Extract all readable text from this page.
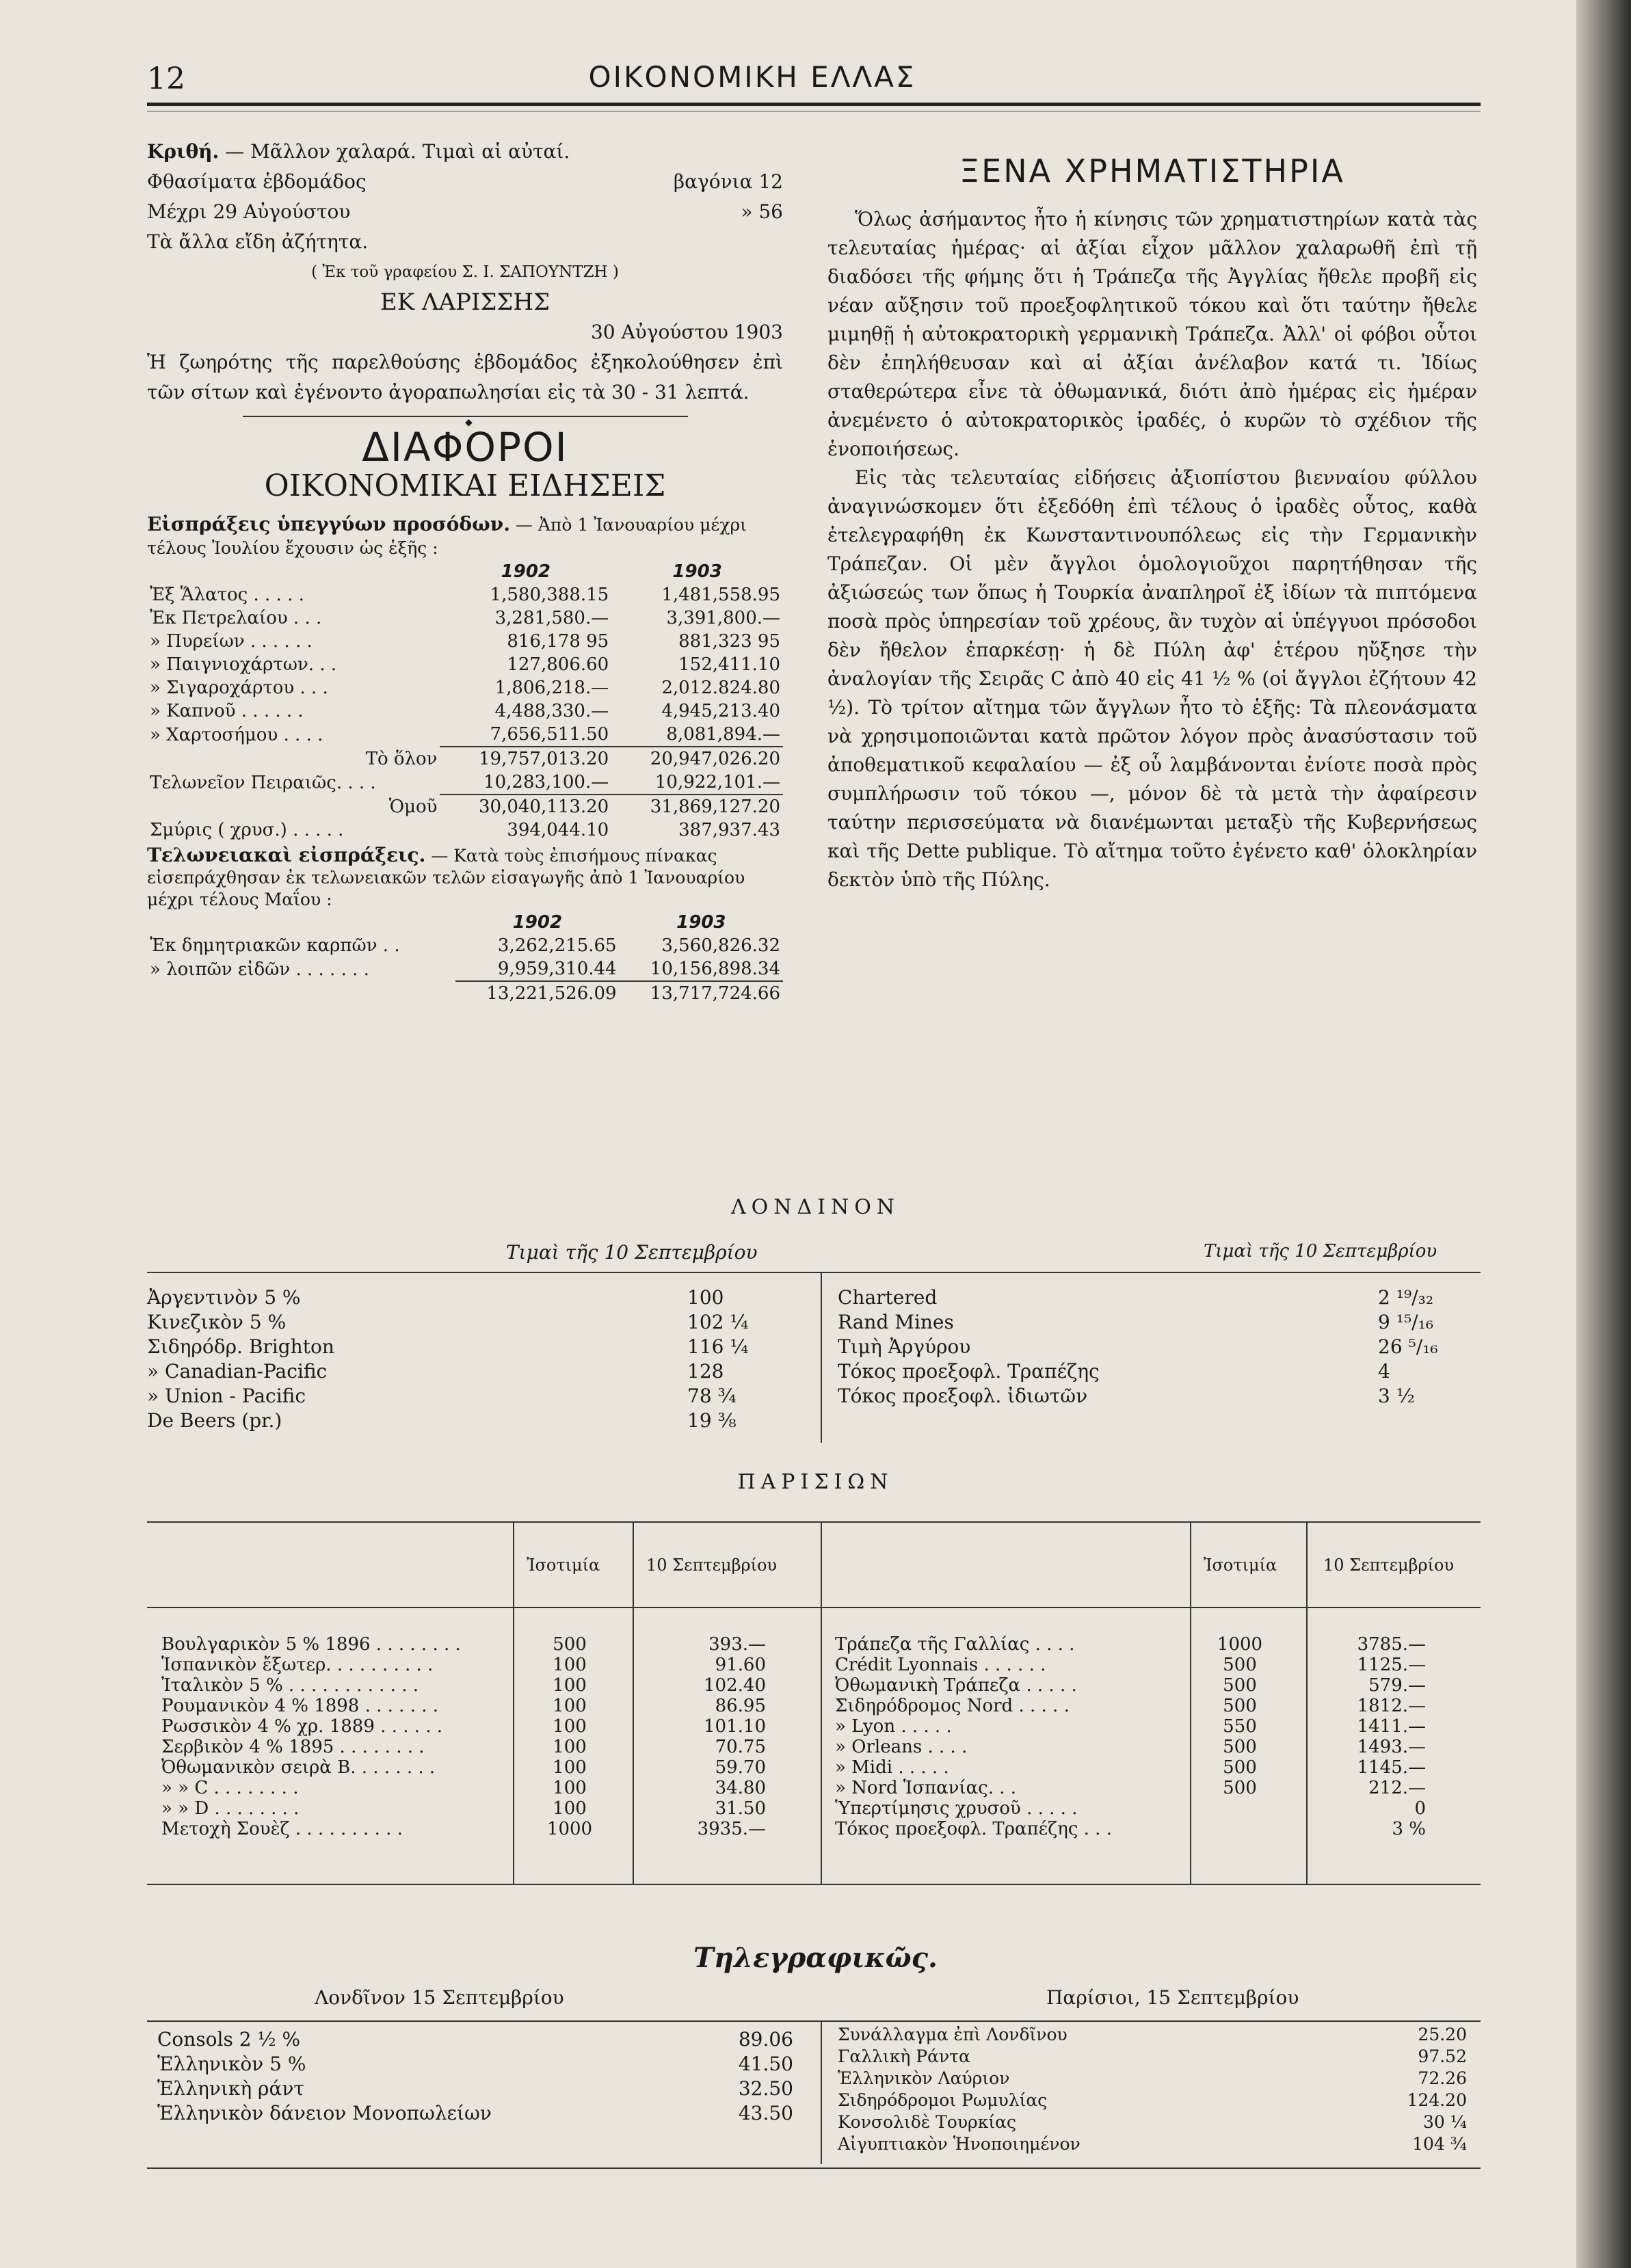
12	ΟΙΚΟΝΟΜΙΚΗ ΕΛΛΑΣ
Κριθή. — Μᾶλλον χαλαρά. Τιμαὶ αἱ αὐταί.
Φθασίματα ἑβδομάδος	βαγόνια 12
Μέχρι 29 Αὐγούστου	» 56
Τὰ ἄλλα εἴδη ἀζήτητα.
( Ἐκ τοῦ γραφείου Σ. Ι. ΣΑΠΟΥΝΤΖΗ )
ΕΚ ΛΑΡΙΣΣΗΣ
30 Αὐγούστου 1903
Ἡ ζωηρότης τῆς παρελθούσης ἑβδομάδος ἐξηκολούθησεν ἐπὶ τῶν σίτων καὶ ἐγένοντο ἀγοραπωλησίαι εἰς τὰ 30 - 31 λεπτά.
◆
ΔΙΑΦΟΡΟΙ
ΟΙΚΟΝΟΜΙΚΑΙ ΕΙΔΗΣΕΙΣ
Εἰσπράξεις ὑπεγγύων προσόδων. — Ἀπὸ 1 Ἰανουαρίου μέχρι τέλους Ἰουλίου ἔχουσιν ὡς ἑξῆς :
	1902	1903
Ἐξ Ἅλατος . . . . .	1,580,388.15	1,481,558.95
Ἐκ Πετρελαίου . . .	3,281,580.—	3,391,800.—
» Πυρείων . . . . . .	816,178 95	881,323 95
» Παιγνιοχάρτων. . .	127,806.60	152,411.10
» Σιγαροχάρτου . . .	1,806,218.—	2,012.824.80
» Καπνοῦ . . . . . .	4,488,330.—	4,945,213.40
» Χαρτοσήμου . . . .	7,656,511.50	8,081,894.—
Τὸ ὅλον	19,757,013.20	20,947,026.20
Τελωνεῖον Πειραιῶς. . . .	10,283,100.—	10,922,101.—
Ὁμοῦ	30,040,113.20	31,869,127.20
Σμύρις ( χρυσ.) . . . . .	394,044.10	387,937.43
Τελωνειακαὶ εἰσπράξεις. — Κατὰ τοὺς ἐπισήμους πίνακας εἰσεπράχθησαν ἐκ τελωνειακῶν τελῶν εἰσαγωγῆς ἀπὸ 1 Ἰανουαρίου μέχρι τέλους Μαΐου :
	1902	1903
Ἐκ δημητριακῶν καρπῶν . .	3,262,215.65	3,560,826.32
» λοιπῶν εἰδῶν . . . . . . .	9,959,310.44	10,156,898.34
	13,221,526.09	13,717,724.66
ΞΕΝΑ ΧΡΗΜΑΤΙΣΤΗΡΙΑ
Ὅλως ἀσήμαντος ἦτο ἡ κίνησις τῶν χρηματιστηρίων κατὰ τὰς τελευταίας ἡμέρας· αἱ ἀξίαι εἶχον μᾶλλον χαλαρωθῆ ἐπὶ τῇ διαδόσει τῆς φήμης ὅτι ἡ Τράπεζα τῆς Ἀγγλίας ἤθελε προβῆ εἰς νέαν αὔξησιν τοῦ προεξοφλητικοῦ τόκου καὶ ὅτι ταύτην ἤθελε μιμηθῇ ἡ αὐτοκρατορικὴ γερμανικὴ Τράπεζα. Ἀλλ' οἱ φόβοι οὗτοι δὲν ἐπηλήθευσαν καὶ αἱ ἀξίαι ἀνέλαβον κατά τι. Ἰδίως σταθερώτερα εἶνε τὰ ὀθωμανικά, διότι ἀπὸ ἡμέρας εἰς ἡμέραν ἀνεμένετο ὁ αὐτοκρατορικὸς ἰραδές, ὁ κυρῶν τὸ σχέδιον τῆς ἑνοποιήσεως.
Εἰς τὰς τελευταίας εἰδήσεις ἀξιοπίστου βιενναίου φύλλου ἀναγινώσκομεν ὅτι ἐξεδόθη ἐπὶ τέλους ὁ ἰραδὲς οὗτος, καθὰ ἐτελεγραφήθη ἐκ Κωνσταντινουπόλεως εἰς τὴν Γερμανικὴν Τράπεζαν. Οἱ μὲν ἄγγλοι ὁμολογιοῦχοι παρητήθησαν τῆς ἀξιώσεώς των ὅπως ἡ Τουρκία ἀναπληροῖ ἐξ ἰδίων τὰ πιπτόμενα ποσὰ πρὸς ὑπηρεσίαν τοῦ χρέους, ἂν τυχὸν αἱ ὑπέγγυοι πρόσοδοι δὲν ἤθελον ἐπαρκέσῃ· ἡ δὲ Πύλη ἀφ' ἑτέρου ηὔξησε τὴν ἀναλογίαν τῆς Σειρᾶς C ἀπὸ 40 εἰς 41 ½ % (οἱ ἄγγλοι ἐζήτουν 42 ½). Τὸ τρίτον αἴτημα τῶν ἄγγλων ἦτο τὸ ἑξῆς: Τὰ πλεονάσματα νὰ χρησιμοποιῶνται κατὰ πρῶτον λόγον πρὸς ἀνασύστασιν τοῦ ἀποθεματικοῦ κεφαλαίου — ἐξ οὗ λαμβάνονται ἐνίοτε ποσὰ πρὸς συμπλήρωσιν τοῦ τόκου —, μόνον δὲ τὰ μετὰ τὴν ἀφαίρεσιν ταύτην περισσεύματα νὰ διανέμωνται μεταξὺ τῆς Κυβερνήσεως καὶ τῆς Dette publique. Τὸ αἴτημα τοῦτο ἐγένετο καθ' ὁλοκληρίαν δεκτὸν ὑπὸ τῆς Πύλης.
ΛΟΝΔΙΝΟΝ
Τιμαὶ τῆς 10 Σεπτεμβρίου	Τιμαὶ τῆς 10 Σεπτεμβρίου
Ἀργεντινὸν 5 %	100
Κινεζικὸν 5 %	102 ¼
Σιδηρόδρ. Brighton	116 ¼
» Canadian-Pacific	128
» Union - Pacific	78 ¾
De Beers (pr.)	19 ⅜
Chartered	2 ¹⁹/₃₂
Rand Mines	9 ¹⁵/₁₆
Τιμὴ Ἀργύρου	26 ⁵/₁₆
Τόκος προεξοφλ. Τραπέζης	4
Τόκος προεξοφλ. ἰδιωτῶν	3 ½
ΠΑΡΙΣΙΩΝ
Ἰσοτιμία	10 Σεπτεμβρίου	Ἰσοτιμία	10 Σεπτεμβρίου
Βουλγαρικὸν 5 % 1896 . . . . . . . .	500	393.—
Ἱσπανικὸν ἔξωτερ. . . . . . . . . .	100	91.60
Ἰταλικὸν 5 % . . . . . . . . . . . .	100	102.40
Ρουμανικὸν 4 % 1898 . . . . . . .	100	86.95
Ρωσσικὸν 4 % χρ. 1889 . . . . . .	100	101.10
Σερβικὸν 4 % 1895 . . . . . . . .	100	70.75
Ὀθωμανικὸν σειρὰ B. . . . . . . .	100	59.70
» » C . . . . . . . .	100	34.80
» » D . . . . . . . .	100	31.50
Μετοχὴ Σουὲζ . . . . . . . . . .	1000	3935.—
Τράπεζα τῆς Γαλλίας . . . .	1000	3785.—
Crédit Lyonnais . . . . . .	500	1125.—
Ὀθωμανικὴ Τράπεζα . . . . .	500	579.—
Σιδηρόδρομος Nord . . . . .	500	1812.—
» Lyon . . . . .	550	1411.—
» Orleans . . . .	500	1493.—
» Midi . . . . .	500	1145.—
» Nord Ἱσπανίας. . .	500	212.—
Ὑπερτίμησις χρυσοῦ . . . . .		0
Τόκος προεξοφλ. Τραπέζης . . .		3 %
Τηλεγραφικῶς.
Λονδῖνον 15 Σεπτεμβρίου	Παρίσιοι, 15 Σεπτεμβρίου
Consols 2 ½ %	89.06
Ἑλληνικὸν 5 %	41.50
Ἑλληνικὴ ράντ	32.50
Ἑλληνικὸν δάνειον Μονοπωλείων	43.50
Συνάλλαγμα ἐπὶ Λονδῖνου	25.20
Γαλλικὴ Ράντα	97.52
Ἑλληνικὸν Λαύριον	72.26
Σιδηρόδρομοι Ρωμυλίας	124.20
Κονσολιδὲ Τουρκίας	30 ¼
Αἰγυπτιακὸν Ἡνοποιημένον	104 ¾
